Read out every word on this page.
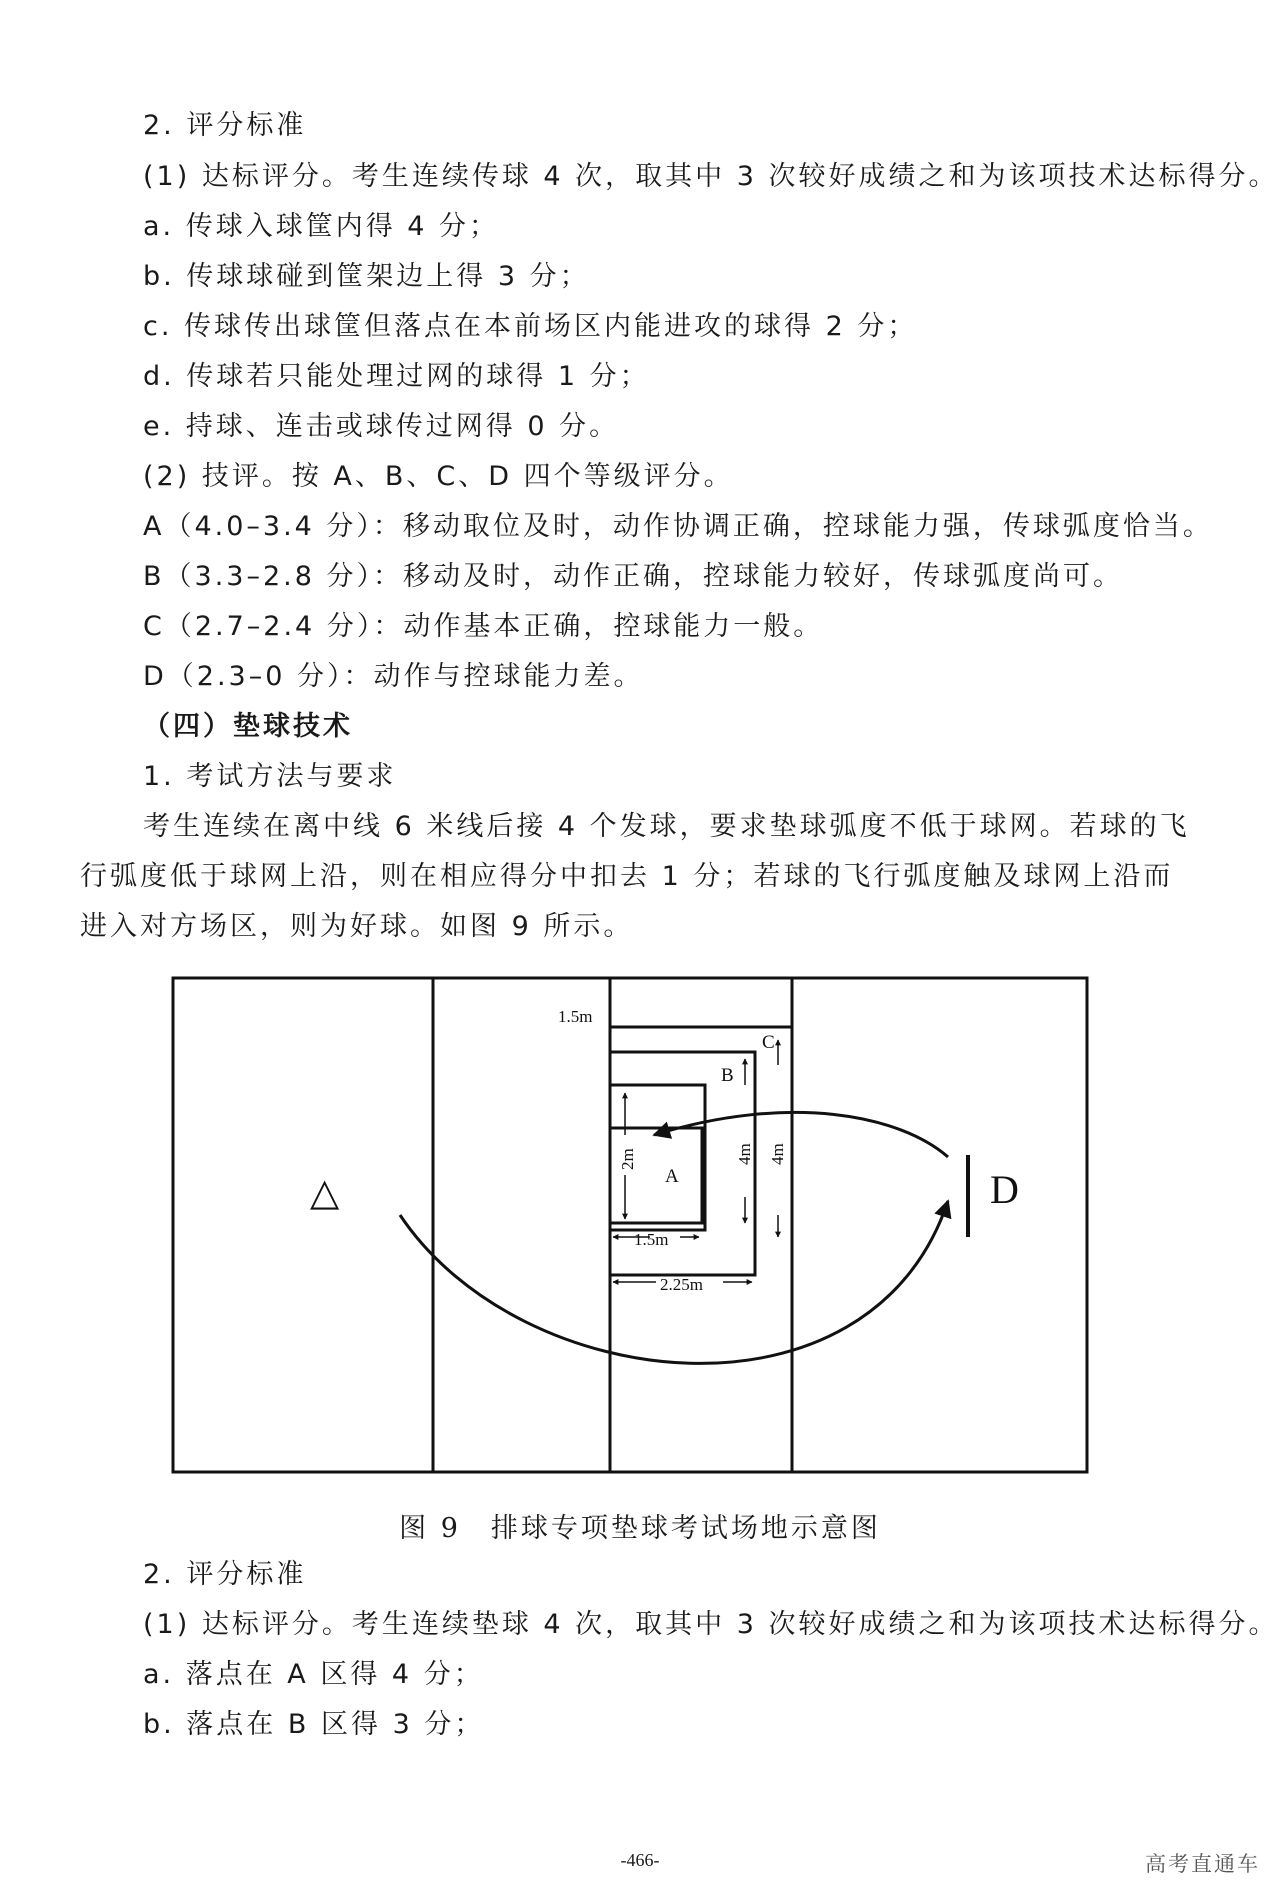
2. 评分标准
(1) 达标评分。考生连续传球 4 次，取其中 3 次较好成绩之和为该项技术达标得分。
a. 传球入球筐内得 4 分；
b. 传球球碰到筐架边上得 3 分；
c. 传球传出球筐但落点在本前场区内能进攻的球得 2 分；
d. 传球若只能处理过网的球得 1 分；
e. 持球、连击或球传过网得 0 分。
(2) 技评。按 A、B、C、D 四个等级评分。
A（4.0–3.4 分）：移动取位及时，动作协调正确，控球能力强，传球弧度恰当。
B（3.3–2.8 分）：移动及时，动作正确，控球能力较好，传球弧度尚可。
C（2.7–2.4 分）：动作基本正确，控球能力一般。
D（2.3–0 分）：动作与控球能力差。
（四）垫球技术
1. 考试方法与要求
考生连续在离中线 6 米线后接 4 个发球，要求垫球弧度不低于球网。若球的飞行弧度低于球网上沿，则在相应得分中扣去 1 分；若球的飞行弧度触及球网上沿而进入对方场区，则为好球。如图 9 所示。
1.5m
C
B
A
2m	4m 4m
1.5m
2.25m
△	D
图 9　排球专项垫球考试场地示意图
2. 评分标准
(1) 达标评分。考生连续垫球 4 次，取其中 3 次较好成绩之和为该项技术达标得分。
a. 落点在 A 区得 4 分；
b. 落点在 B 区得 3 分；
-466-	高考直通车
